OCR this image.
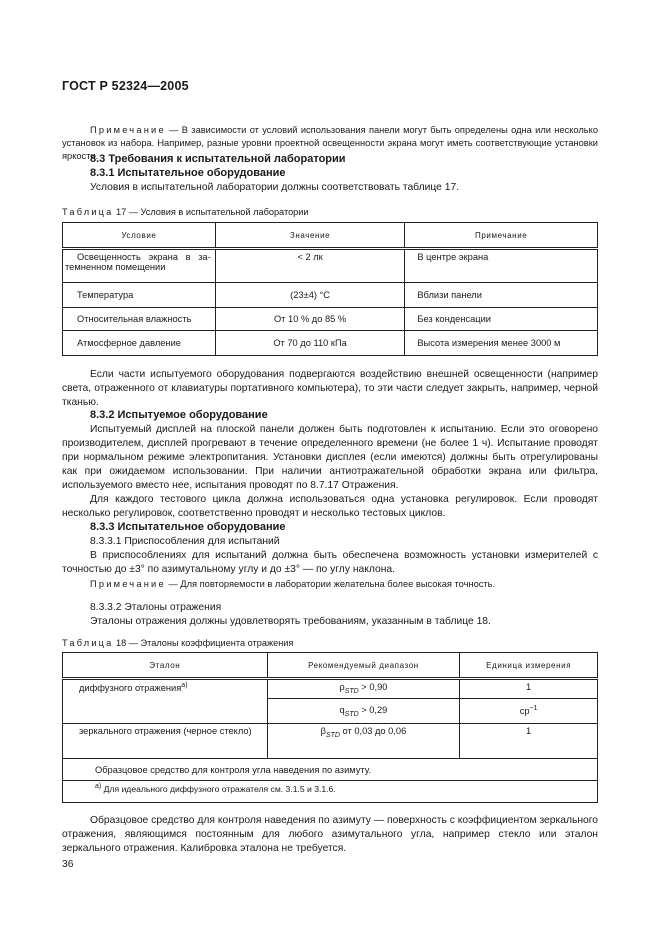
ГОСТ Р 52324—2005
Примечание — В зависимости от условий использования панели могут быть определены одна или несколько установок из набора. Например, разные уровни проектной освещенности экрана могут иметь соответствующие установки яркости.
8.3 Требования к испытательной лаборатории
8.3.1 Испытательное оборудование
Условия в испытательной лаборатории должны соответствовать таблице 17.
Таблица 17 — Условия в испытательной лаборатории
Условие	Значение	Примечание
Освещенность экрана в затемненном помещении	< 2 лк	В центре экрана
Температура	(23±4) °С	Вблизи панели
Относительная влажность	От 10 % до 85 %	Без конденсации
Атмосферное давление	От 70 до 110 кПа	Высота измерения менее 3000 м
Если части испытуемого оборудования подвергаются воздействию внешней освещенности (например света, отраженного от клавиатуры портативного компьютера), то эти части следует закрыть, например, черной тканью.
8.3.2 Испытуемое оборудование
Испытуемый дисплей на плоской панели должен быть подготовлен к испытанию. Если это оговорено производителем, дисплей прогревают в течение определенного времени (не более 1 ч). Испытание проводят при нормальном режиме электропитания. Установки дисплея (если имеются) должны быть отрегулированы как при ожидаемом использовании. При наличии антиотражательной обработки экрана или фильтра, используемого вместо нее, испытания проводят по 8.7.17 Отражения.
Для каждого тестового цикла должна использоваться одна установка регулировок. Если проводят несколько регулировок, соответственно проводят и несколько тестовых циклов.
8.3.3 Испытательное оборудование
8.3.3.1 Приспособления для испытаний
В приспособлениях для испытаний должна быть обеспечена возможность установки измерителей с точностью до ±3° по азимутальному углу и до ±3° — по углу наклона.
Примечание — Для повторяемости в лаборатории желательна более высокая точность.
8.3.3.2 Эталоны отражения
Эталоны отражения должны удовлетворять требованиям, указанным в таблице 18.
Таблица 18 — Эталоны коэффициента отражения
Эталон	Рекомендуемый диапазон	Единица измерения
диффузного отражения$^{а)}$	$\rho_{STD} > 0,90$	1
	$q_{STD} > 0,29$	$ср^{-1}$
зеркального отражения (черное стекло)	$\beta_{STD}$ от 0,03 до 0,06	1
Образцовое средство для контроля угла наведения по азимуту.		
$^{а)}$ Для идеального диффузного отражателя см. 3.1.5 и 3.1.6.		
Образцовое средство для контроля наведения по азимуту — поверхность с коэффициентом зеркального отражения, являющимся постоянным для любого азимутального угла, например стекло или эталон зеркального отражения. Калибровка эталона не требуется.
36
